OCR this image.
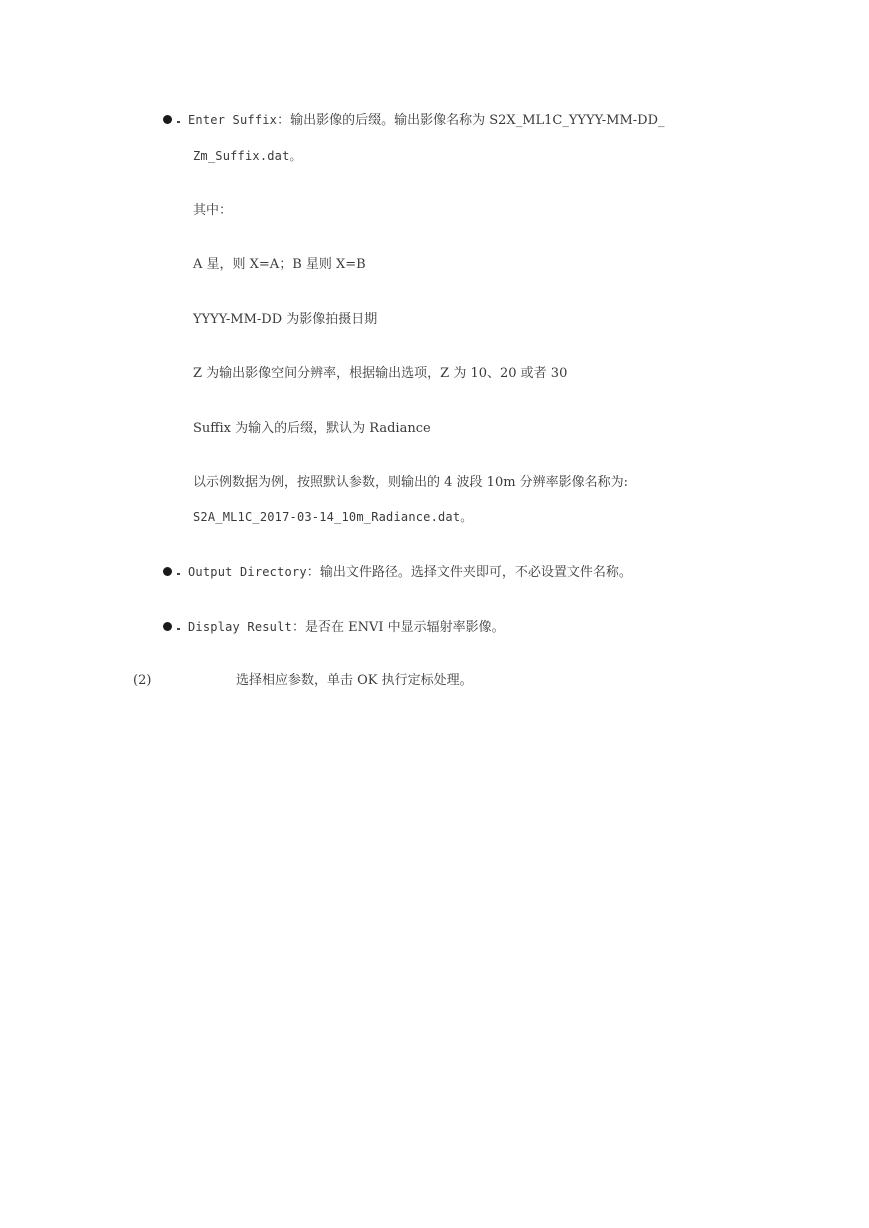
Enter Suffix：输出影像的后缀。输出影像名称为 S2X_ML1C_YYYY-MM-DD_
Zm_Suffix.dat。
其中：
A 星，则 X=A；B 星则 X=B
YYYY-MM-DD 为影像拍摄日期
Z 为输出影像空间分辨率，根据输出选项，Z 为 10、20 或者 30
Suffix 为输入的后缀，默认为 Radiance
以示例数据为例，按照默认参数，则输出的 4 波段 10m 分辨率影像名称为:
S2A_ML1C_2017-03-14_10m_Radiance.dat。
Output Directory：输出文件路径。选择文件夹即可，不必设置文件名称。
Display Result：是否在 ENVI 中显示辐射率影像。
(2)	选择相应参数，单击 OK 执行定标处理。
